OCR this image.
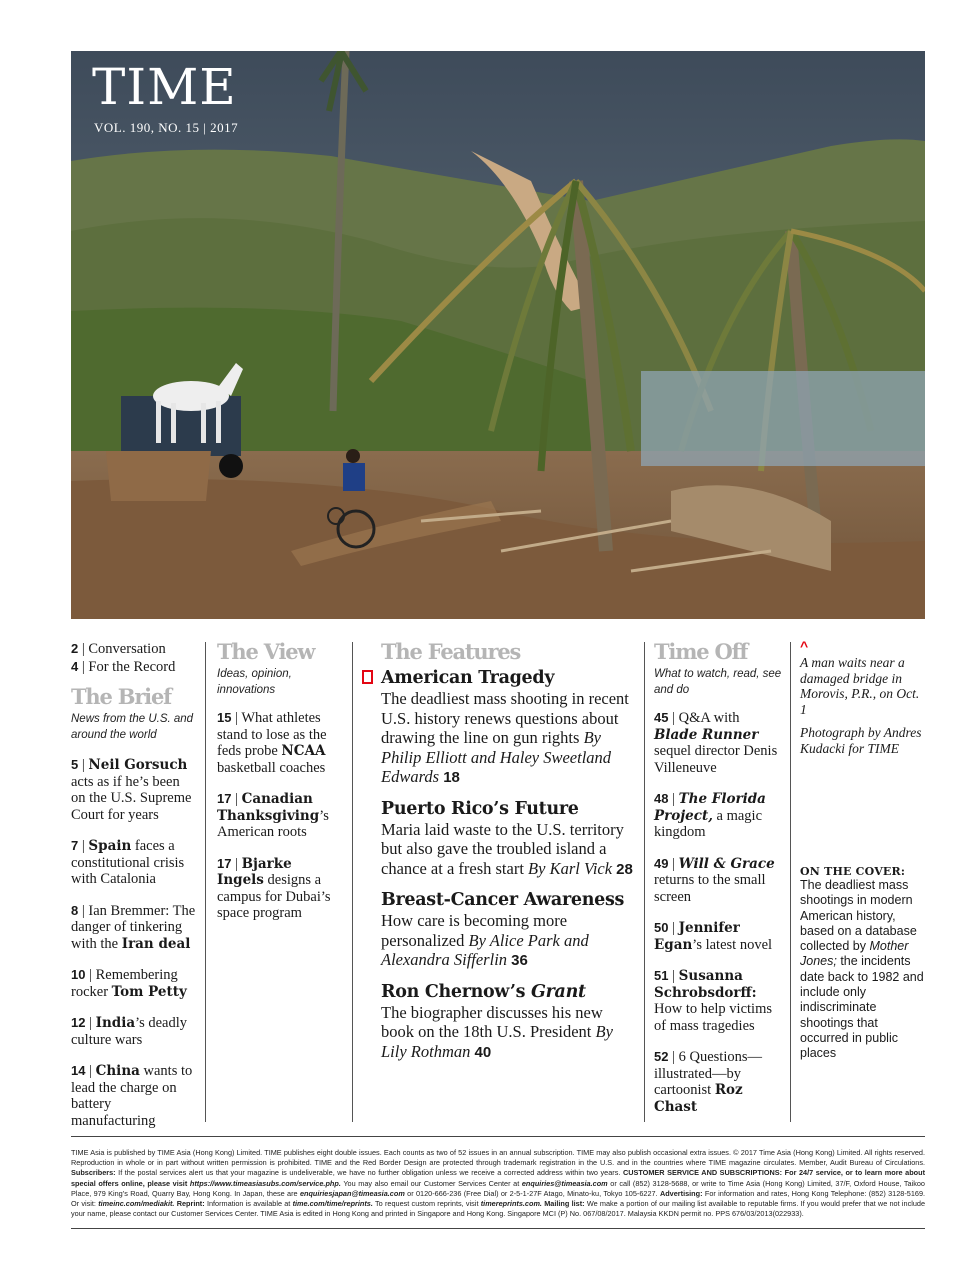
TIME
VOL. 190, NO. 15 | 2017
2 | Conversation
4 | For the Record
The Brief
News from the U.S. and around the world
5 | Neil Gorsuch acts as if he’s been on the U.S. Supreme Court for years
7 | Spain faces a constitutional crisis with Catalonia
8 | Ian Bremmer: The danger of tinkering with the Iran deal
10 | Remembering rocker Tom Petty
12 | India’s deadly culture wars
14 | China wants to lead the charge on battery manufacturing
The View
Ideas, opinion, innovations
15 | What athletes stand to lose as the feds probe NCAA basketball coaches
17 | Canadian Thanksgiving’s American roots
17 | Bjarke Ingels designs a campus for Dubai’s space program
The Features
American Tragedy
The deadliest mass shooting in recent U.S. history renews questions about drawing the line on gun rights By Philip Elliott and Haley Sweetland Edwards 18
Puerto Rico’s Future
Maria laid waste to the U.S. territory but also gave the troubled island a chance at a fresh start By Karl Vick 28
Breast-Cancer Awareness
How care is becoming more personalized By Alice Park and Alexandra Sifferlin 36
Ron Chernow’s Grant
The biographer discusses his new book on the 18th U.S. President By Lily Rothman 40
Time Off
What to watch, read, see and do
45 | Q&A with Blade Runner sequel director Denis Villeneuve
48 | The Florida Project, a magic kingdom
49 | Will & Grace returns to the small screen
50 | Jennifer Egan’s latest novel
51 | Susanna Schrobsdorff: How to help victims of mass tragedies
52 | 6 Questions— illustrated—by cartoonist Roz Chast
^
A man waits near a damaged bridge in Morovis, P.R., on Oct. 1
Photograph by Andres Kudacki for TIME
ON THE COVER:
The deadliest mass shootings in modern American history, based on a database collected by Mother Jones; the incidents date back to 1982 and include only indiscriminate shootings that occurred in public places
TIME Asia is published by TIME Asia (Hong Kong) Limited. TIME publishes eight double issues. Each counts as two of 52 issues in an annual subscription. TIME may also publish occasional extra issues. © 2017 Time Asia (Hong Kong) Limited. All rights reserved. Reproduction in whole or in part without written permission is prohibited. TIME and the Red Border Design are protected through trademark registration in the U.S. and in the countries where TIME magazine circulates. Member, Audit Bureau of Circulations. Subscribers: If the postal services alert us that your magazine is undeliverable, we have no further obligation unless we receive a corrected address within two years. CUSTOMER SERVICE AND SUBSCRIPTIONS: For 24/7 service, or to learn more about special offers online, please visit https://www.timeasiasubs.com/service.php. You may also email our Customer Services Center at enquiries@timeasia.com or call (852) 3128-5688, or write to Time Asia (Hong Kong) Limited, 37/F, Oxford House, Taikoo Place, 979 King’s Road, Quarry Bay, Hong Kong. In Japan, these are enquiriesjapan@timeasia.com or 0120-666-236 (Free Dial) or 2-5-1-27F Atago, Minato-ku, Tokyo 105-6227. Advertising: For information and rates, Hong Kong Telephone: (852) 3128-5169. Or visit: timeinc.com/mediakit. Reprint: Information is available at time.com/time/reprints. To request custom reprints, visit timereprints.com. Mailing list: We make a portion of our mailing list available to reputable firms. If you would prefer that we not include your name, please contact our Customer Services Center. TIME Asia is edited in Hong Kong and printed in Singapore and Hong Kong. Singapore MCI (P) No. 067/08/2017. Malaysia KKDN permit no. PPS 676/03/2013(022933).
